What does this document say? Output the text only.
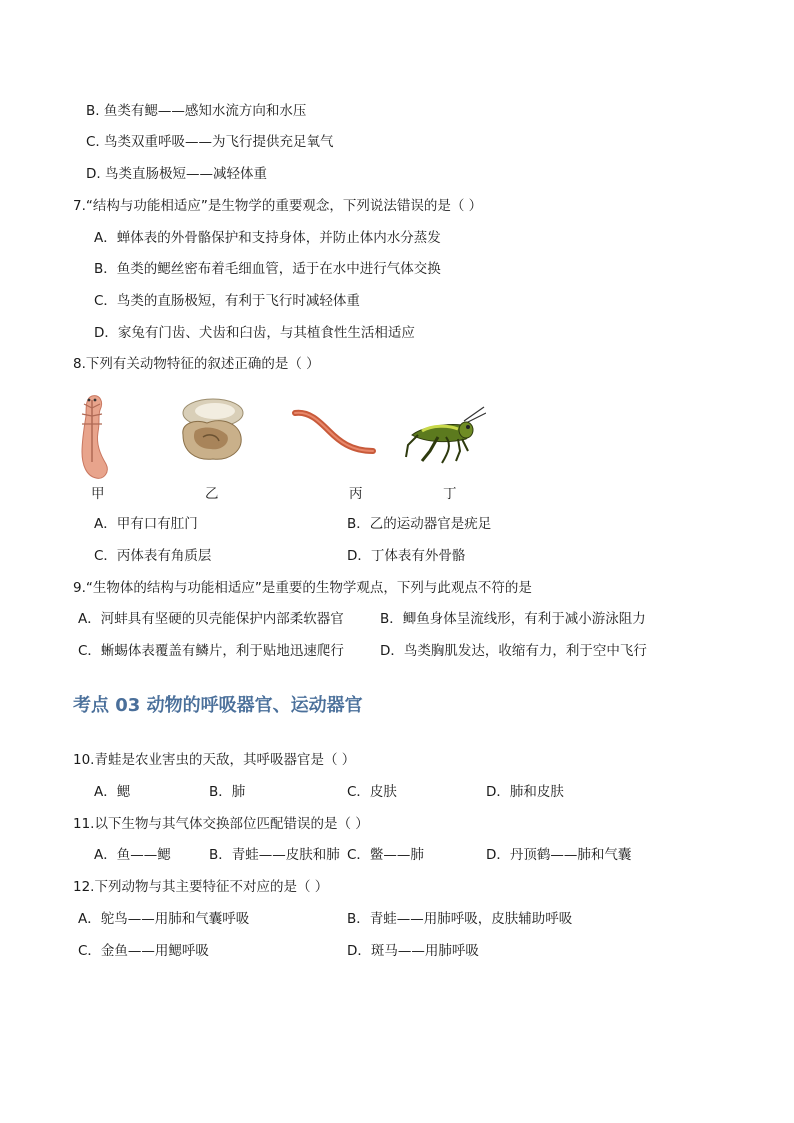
B. 鱼类有鳃——感知水流方向和水压
C. 鸟类双重呼吸——为飞行提供充足氧气
D. 鸟类直肠极短——减轻体重
7.“结构与功能相适应”是生物学的重要观念，下列说法错误的是（ ）
A．蝉体表的外骨骼保护和支持身体，并防止体内水分蒸发
B．鱼类的鳃丝密布着毛细血管，适于在水中进行气体交换
C．鸟类的直肠极短，有利于飞行时减轻体重
D．家兔有门齿、犬齿和臼齿，与其植食性生活相适应
8.下列有关动物特征的叙述正确的是（ ）
甲	乙	丙	丁
A．甲有口有肛门	B．乙的运动器官是疣足
C．丙体表有角质层	D．丁体表有外骨骼
9.“生物体的结构与功能相适应”是重要的生物学观点，下列与此观点不符的是
A．河蚌具有坚硬的贝壳能保护内部柔软器官	B．鲫鱼身体呈流线形，有利于减小游泳阻力
C．蜥蜴体表覆盖有鳞片，利于贴地迅速爬行	D．鸟类胸肌发达，收缩有力，利于空中飞行
考点 03 动物的呼吸器官、运动器官
10.青蛙是农业害虫的天敌，其呼吸器官是（ ）
A．鳃	B．肺	C．皮肤	D．肺和皮肤
11.以下生物与其气体交换部位匹配错误的是（ ）
A．鱼——鳃	B．青蛙——皮肤和肺 C．鳖——肺	D．丹顶鹤——肺和气囊
12.下列动物与其主要特征不对应的是（ ）
A．鸵鸟——用肺和气囊呼吸	B．青蛙——用肺呼吸，皮肤辅助呼吸
C．金鱼——用鳃呼吸	D．斑马——用肺呼吸
